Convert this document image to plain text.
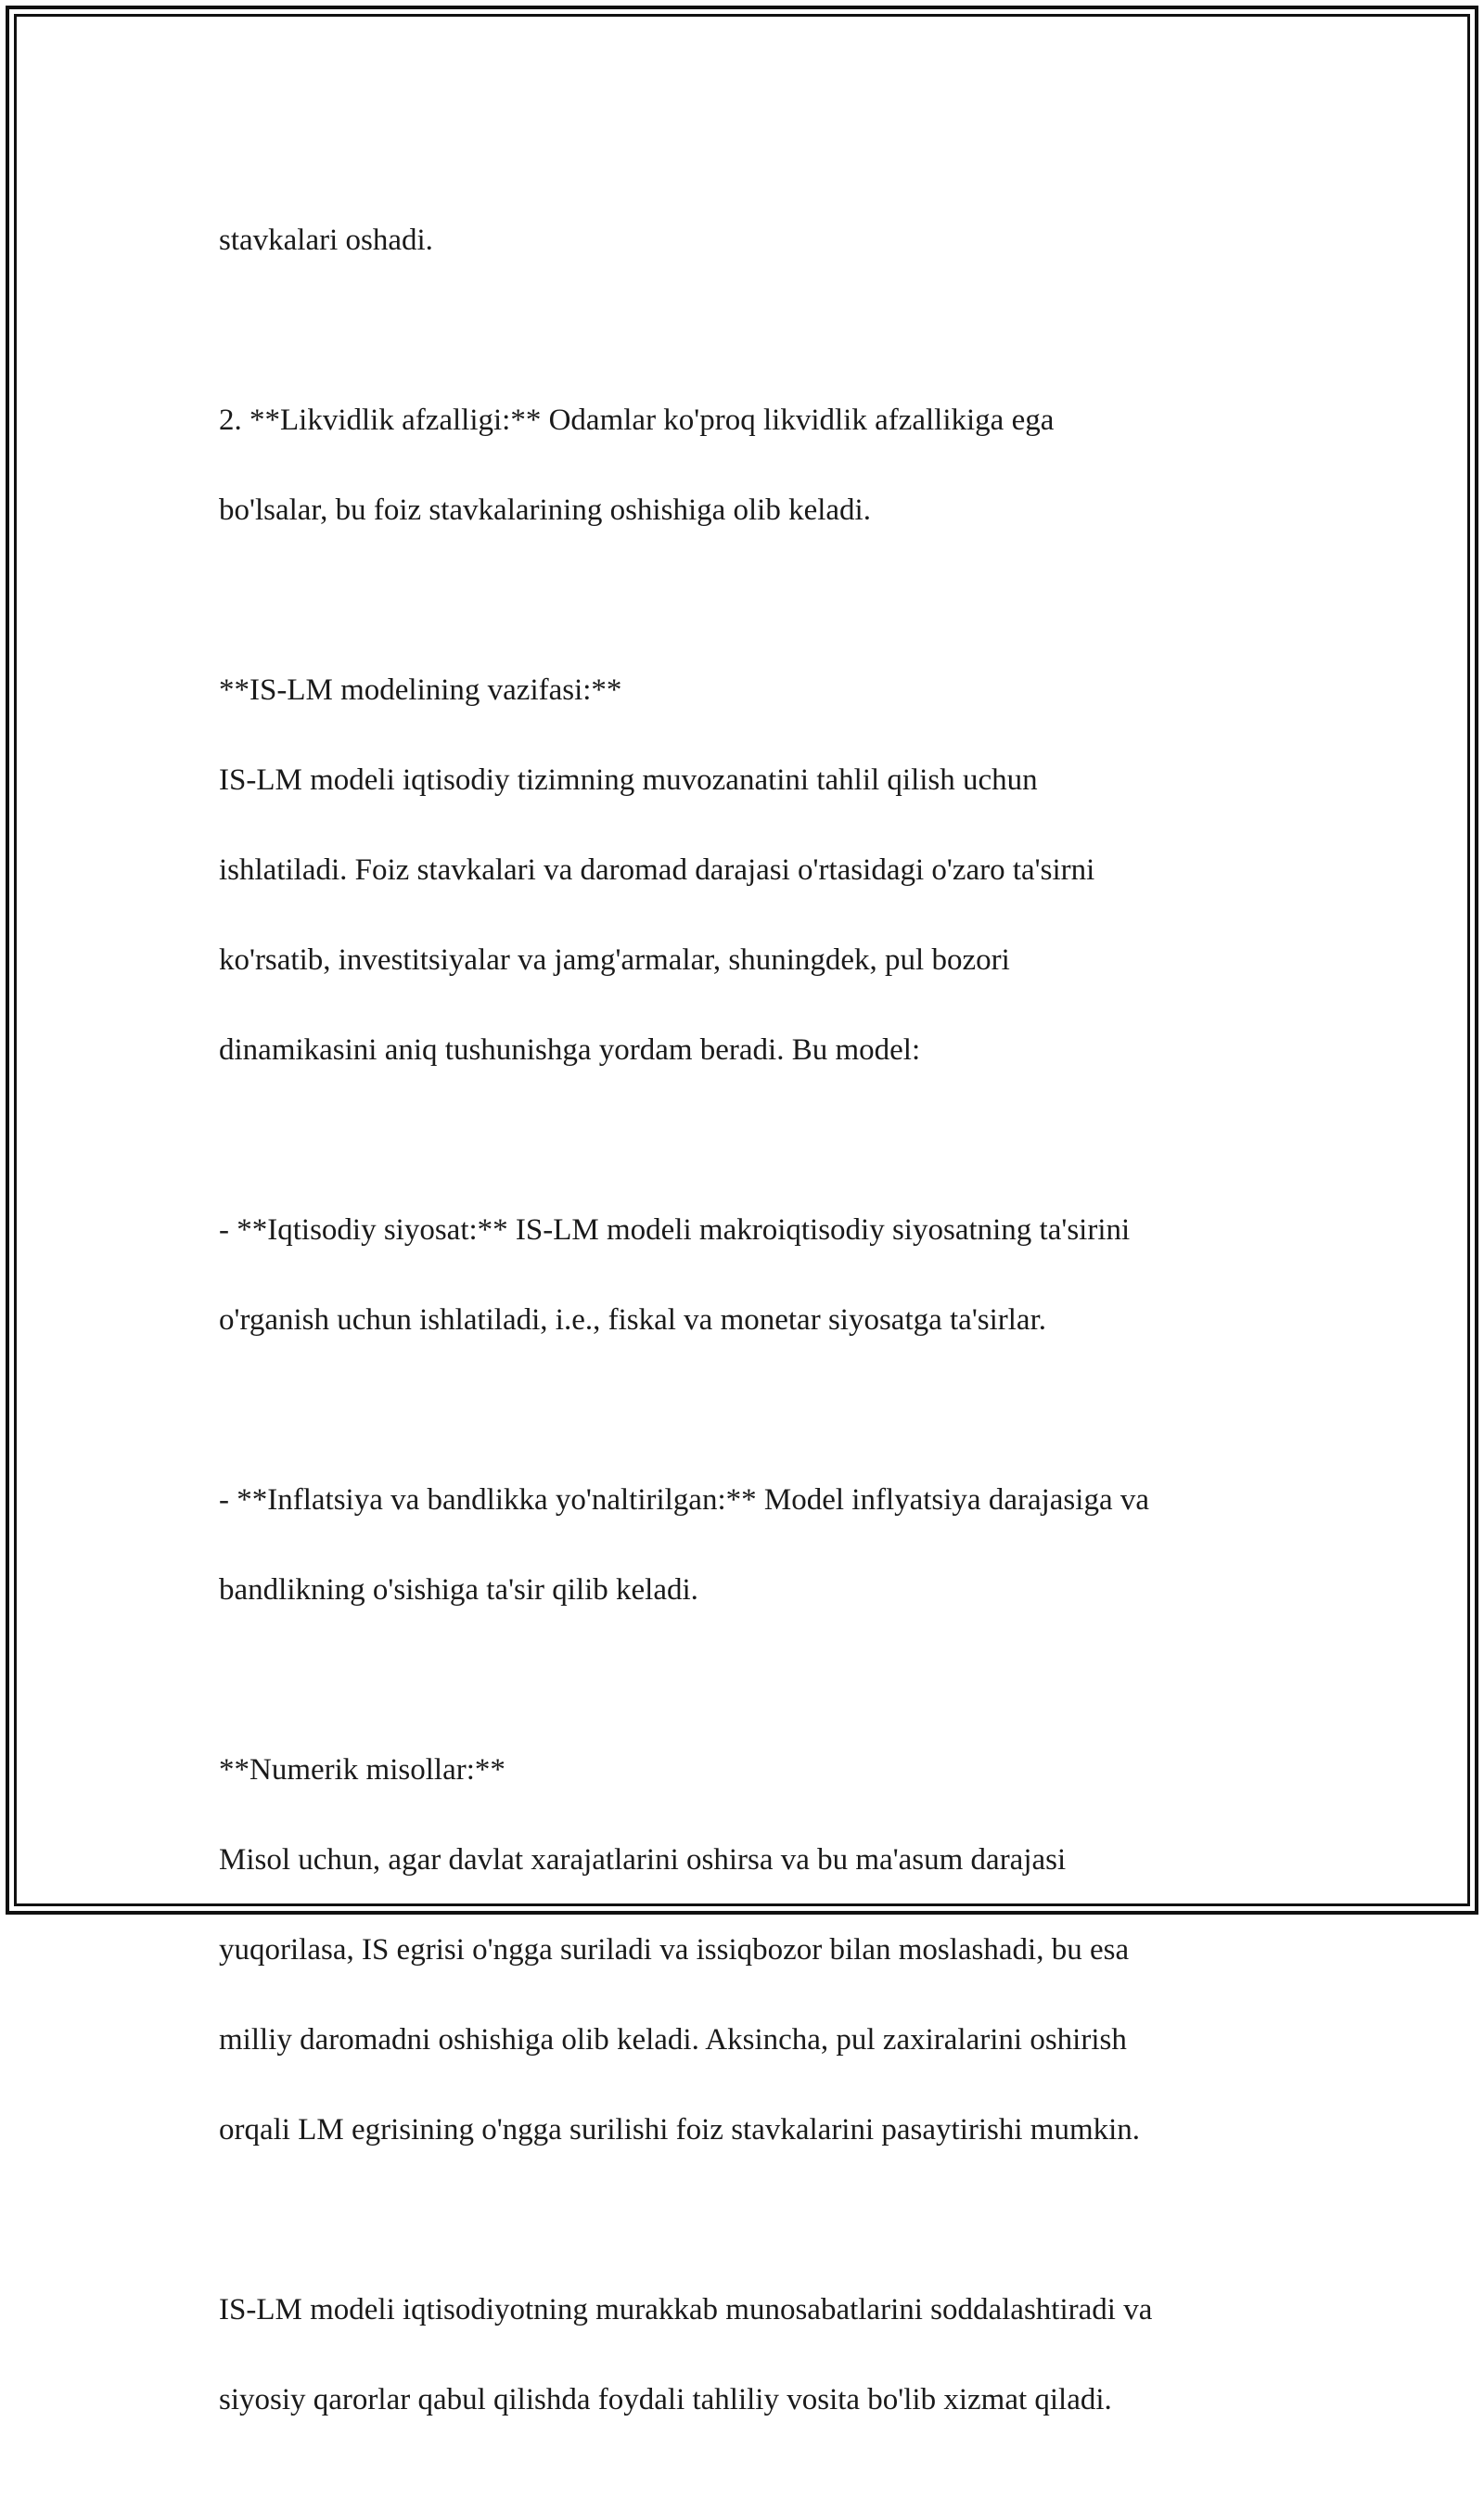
stavkalari oshadi.

2. **Likvidlik afzalligi:** Odamlar ko'proq likvidlik afzallikiga ega

bo'lsalar, bu foiz stavkalarining oshishiga olib keladi.

**IS-LM modelining vazifasi:**

IS-LM modeli iqtisodiy tizimning muvozanatini tahlil qilish uchun

ishlatiladi. Foiz stavkalari va daromad darajasi o'rtasidagi o'zaro ta'sirni

ko'rsatib, investitsiyalar va jamg'armalar, shuningdek, pul bozori

dinamikasini aniq tushunishga yordam beradi. Bu model:

- **Iqtisodiy siyosat:** IS-LM modeli makroiqtisodiy siyosatning ta'sirini

o'rganish uchun ishlatiladi, i.e., fiskal va monetar siyosatga ta'sirlar.

- **Inflatsiya va bandlikka yo'naltirilgan:** Model inflyatsiya darajasiga va

bandlikning o'sishiga ta'sir qilib keladi.

**Numerik misollar:**

Misol uchun, agar davlat xarajatlarini oshirsa va bu ma'asum darajasi

yuqorilasa, IS egrisi o'ngga suriladi va issiqbozor bilan moslashadi, bu esa

milliy daromadni oshishiga olib keladi. Aksincha, pul zaxiralarini oshirish

orqali LM egrisining o'ngga surilishi foiz stavkalarini pasaytirishi mumkin.

IS-LM modeli iqtisodiyotning murakkab munosabatlarini soddalashtiradi va

siyosiy qarorlar qabul qilishda foydali tahliliy vosita bo'lib xizmat qiladi.
